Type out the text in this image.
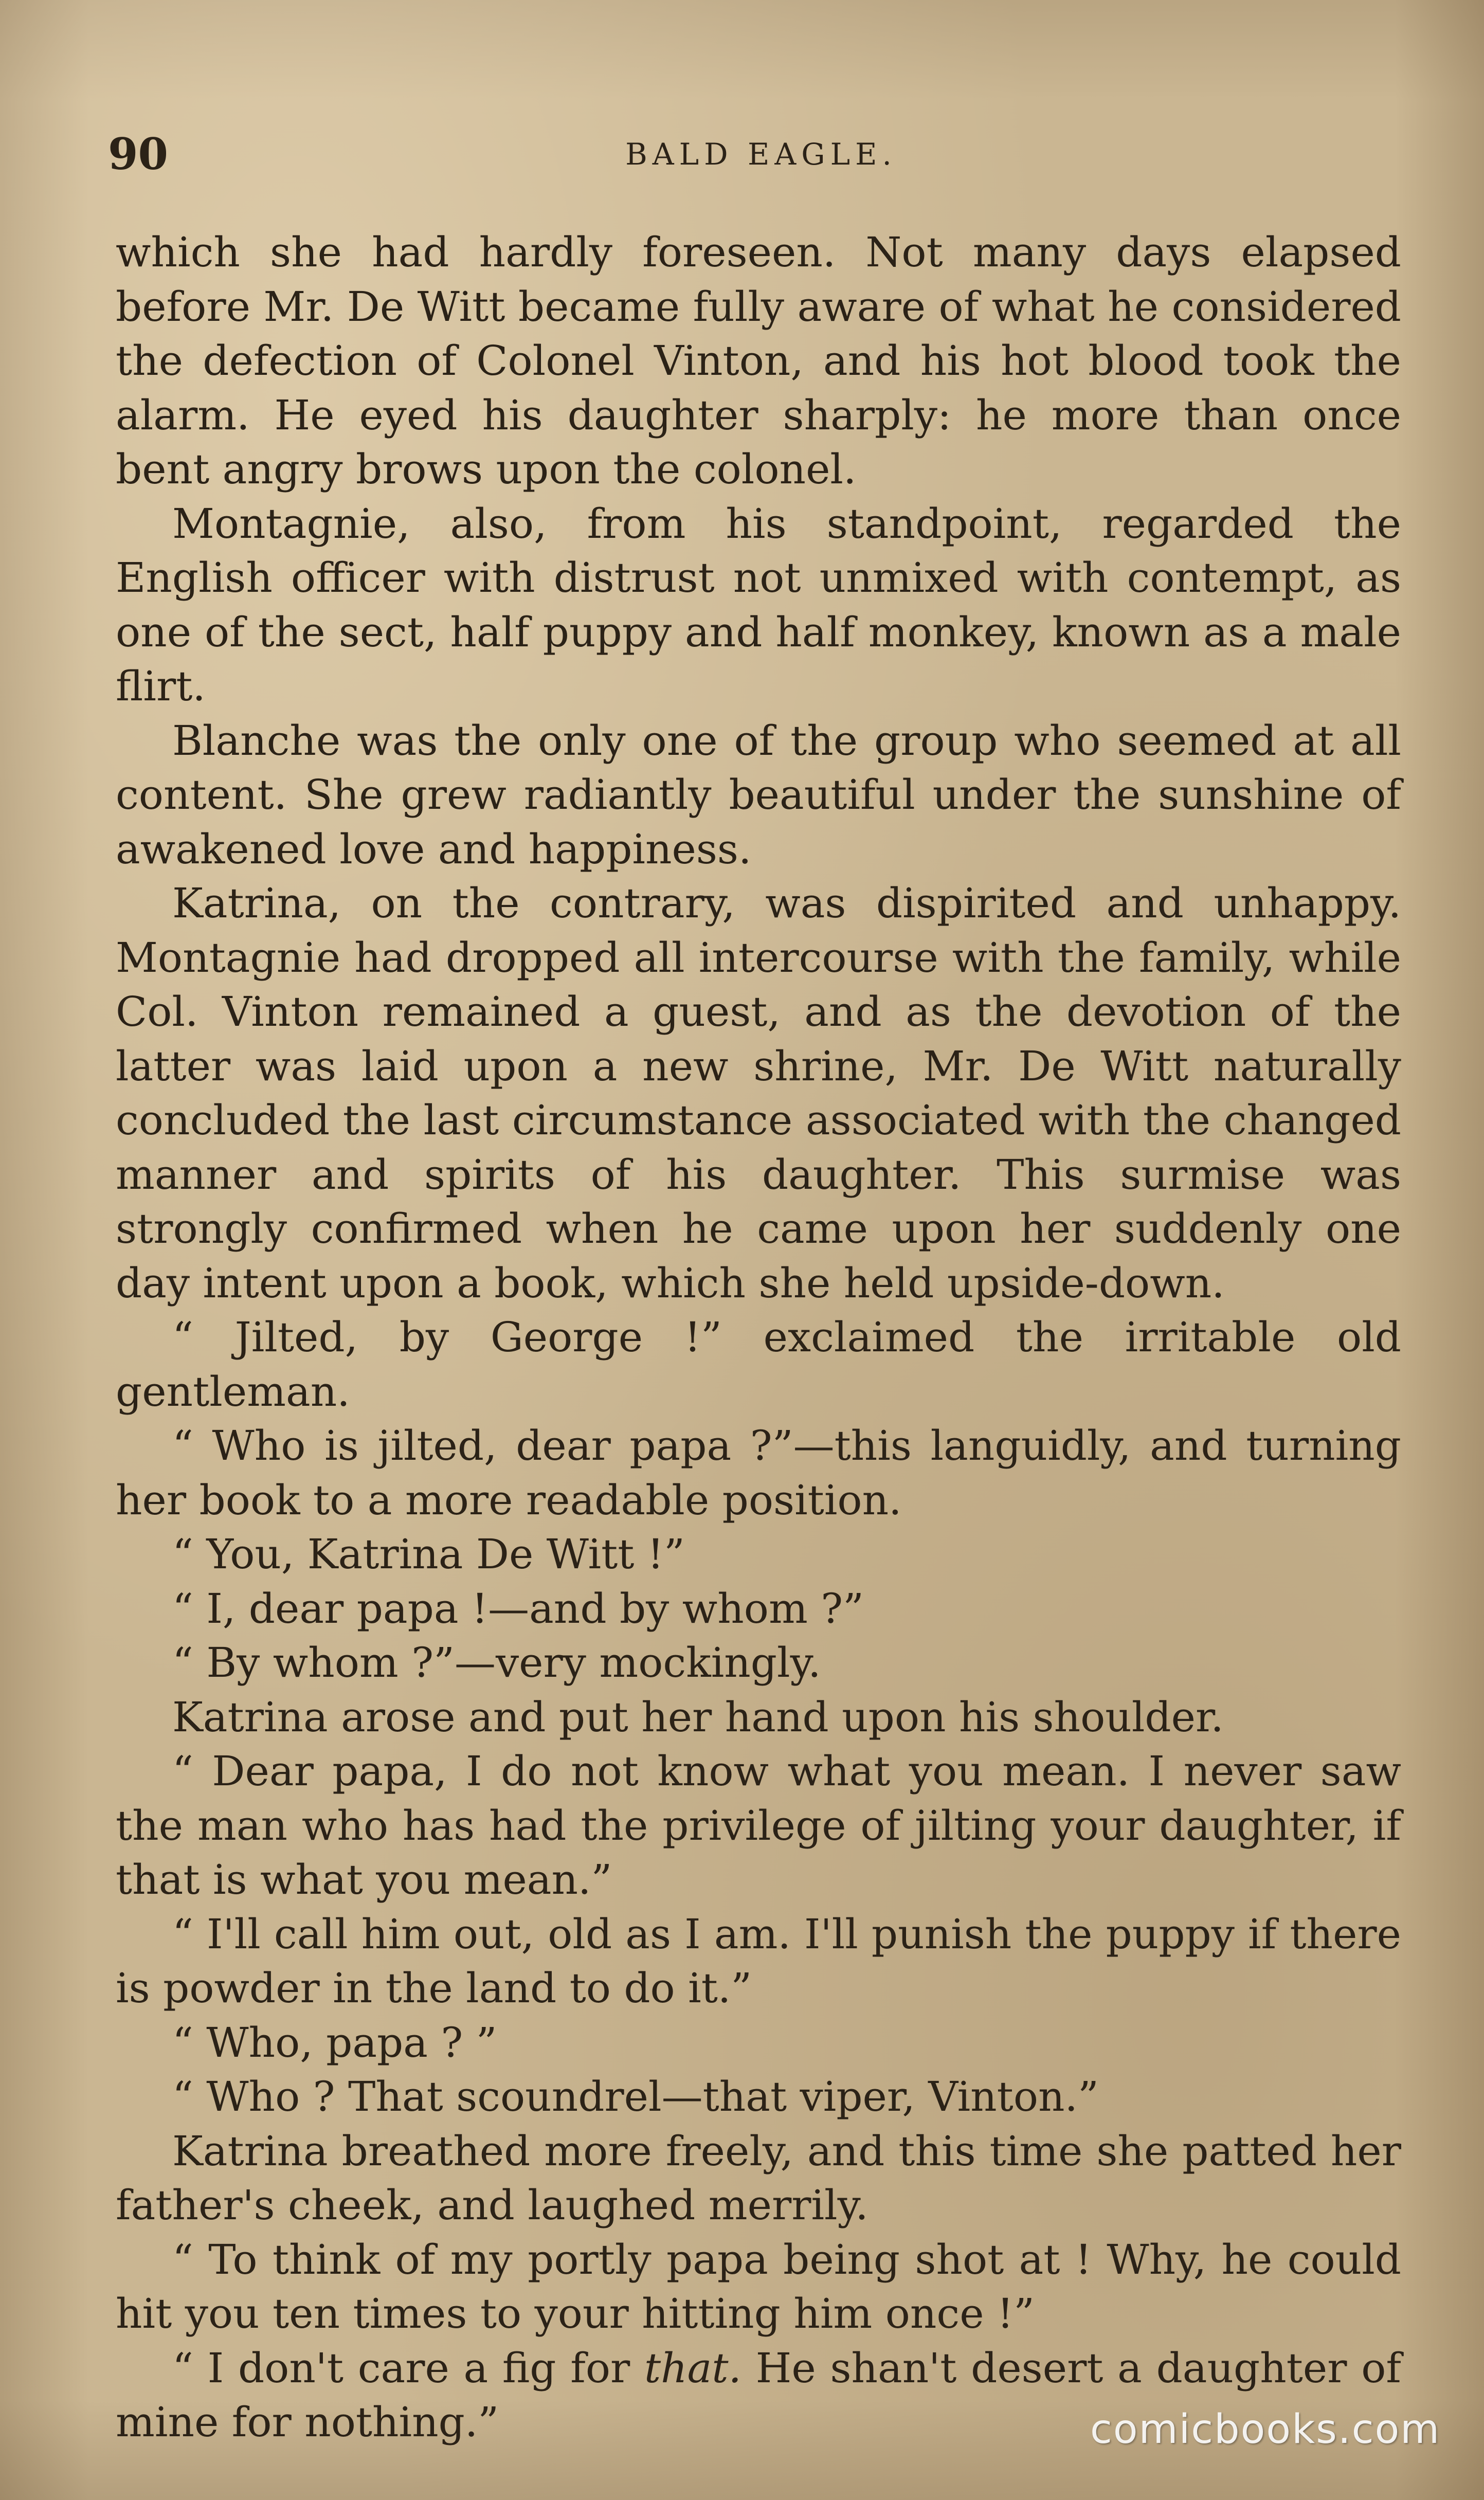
90	BALD EAGLE.

which she had hardly foreseen. Not many days elapsed before Mr. De Witt became fully aware of what he considered the defection of Colonel Vinton, and his hot blood took the alarm. He eyed his daughter sharply: he more than once bent angry brows upon the colonel.

Montagnie, also, from his standpoint, regarded the English officer with distrust not unmixed with contempt, as one of the sect, half puppy and half monkey, known as a male flirt.

Blanche was the only one of the group who seemed at all content. She grew radiantly beautiful under the sunshine of awakened love and happiness.

Katrina, on the contrary, was dispirited and unhappy. Montagnie had dropped all intercourse with the family, while Col. Vinton remained a guest, and as the devotion of the latter was laid upon a new shrine, Mr. De Witt naturally concluded the last circumstance associated with the changed manner and spirits of his daughter. This surmise was strongly confirmed when he came upon her suddenly one day intent upon a book, which she held upside-down.

“ Jilted, by George !” exclaimed the irritable old gentleman.

“ Who is jilted, dear papa ?”—this languidly, and turning her book to a more readable position.

“ You, Katrina De Witt !”

“ I, dear papa !—and by whom ?”

“ By whom ?”—very mockingly.

Katrina arose and put her hand upon his shoulder.

“ Dear papa, I do not know what you mean. I never saw the man who has had the privilege of jilting your daughter, if that is what you mean.”

“ I'll call him out, old as I am. I'll punish the puppy if there is powder in the land to do it.”

“ Who, papa ? ”

“ Who ? That scoundrel—that viper, Vinton.”

Katrina breathed more freely, and this time she patted her father's cheek, and laughed merrily.

“ To think of my portly papa being shot at ! Why, he could hit you ten times to your hitting him once !”

“ I don't care a fig for that. He shan't desert a daughter of mine for nothing.”	comicbooks.com
